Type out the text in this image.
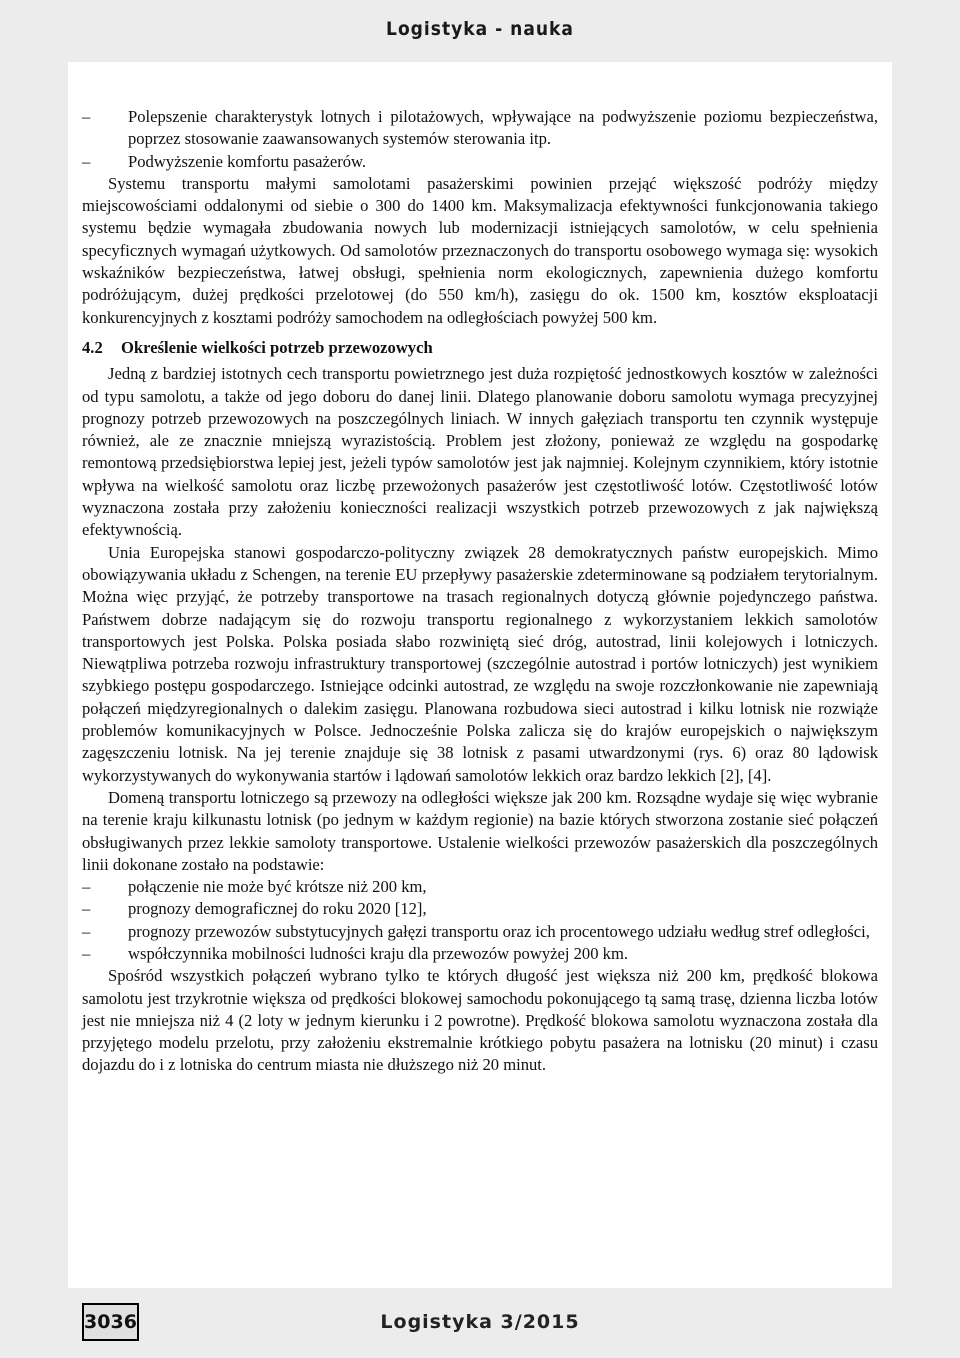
Logistyka - nauka
– Polepszenie charakterystyk lotnych i pilotażowych, wpływające na podwyższenie poziomu bezpieczeństwa, poprzez stosowanie zaawansowanych systemów sterowania itp.
– Podwyższenie komfortu pasażerów.

Systemu transportu małymi samolotami pasażerskimi powinien przejąć większość podróży między miejscowościami oddalonymi od siebie o 300 do 1400 km. Maksymalizacja efektywności funkcjonowania takiego systemu będzie wymagała zbudowania nowych lub modernizacji istniejących samolotów, w celu spełnienia specyficznych wymagań użytkowych. Od samolotów przeznaczonych do transportu osobowego wymaga się: wysokich wskaźników bezpieczeństwa, łatwej obsługi, spełnienia norm ekologicznych, zapewnienia dużego komfortu podróżującym, dużej prędkości przelotowej (do 550 km/h), zasięgu do ok. 1500 km, kosztów eksploatacji konkurencyjnych z kosztami podróży samochodem na odległościach powyżej 500 km.

4.2 Określenie wielkości potrzeb przewozowych

Jedną z bardziej istotnych cech transportu powietrznego jest duża rozpiętość jednostkowych kosztów w zależności od typu samolotu, a także od jego doboru do danej linii. Dlatego planowanie doboru samolotu wymaga precyzyjnej prognozy potrzeb przewozowych na poszczególnych liniach. W innych gałęziach transportu ten czynnik występuje również, ale ze znacznie mniejszą wyrazistością. Problem jest złożony, ponieważ ze względu na gospodarkę remontową przedsiębiorstwa lepiej jest, jeżeli typów samolotów jest jak najmniej. Kolejnym czynnikiem, który istotnie wpływa na wielkość samolotu oraz liczbę przewożonych pasażerów jest częstotliwość lotów. Częstotliwość lotów wyznaczona została przy założeniu konieczności realizacji wszystkich potrzeb przewozowych z jak największą efektywnością.

Unia Europejska stanowi gospodarczo-polityczny związek 28 demokratycznych państw europejskich. Mimo obowiązywania układu z Schengen, na terenie EU przepływy pasażerskie zdeterminowane są podziałem terytorialnym. Można więc przyjąć, że potrzeby transportowe na trasach regionalnych dotyczą głównie pojedynczego państwa. Państwem dobrze nadającym się do rozwoju transportu regionalnego z wykorzystaniem lekkich samolotów transportowych jest Polska. Polska posiada słabo rozwiniętą sieć dróg, autostrad, linii kolejowych i lotniczych. Niewątpliwa potrzeba rozwoju infrastruktury transportowej (szczególnie autostrad i portów lotniczych) jest wynikiem szybkiego postępu gospodarczego. Istniejące odcinki autostrad, ze względu na swoje rozczłonkowanie nie zapewniają połączeń międzyregionalnych o dalekim zasięgu. Planowana rozbudowa sieci autostrad i kilku lotnisk nie rozwiąże problemów komunikacyjnych w Polsce. Jednocześnie Polska zalicza się do krajów europejskich o największym zagęszczeniu lotnisk. Na jej terenie znajduje się 38 lotnisk z pasami utwardzonymi (rys. 6) oraz 80 lądowisk wykorzystywanych do wykonywania startów i lądowań samolotów lekkich oraz bardzo lekkich [2], [4].

Domeną transportu lotniczego są przewozy na odległości większe jak 200 km. Rozsądne wydaje się więc wybranie na terenie kraju kilkunastu lotnisk (po jednym w każdym regionie) na bazie których stworzona zostanie sieć połączeń obsługiwanych przez lekkie samoloty transportowe. Ustalenie wielkości przewozów pasażerskich dla poszczególnych linii dokonane zostało na podstawie:

– połączenie nie może być krótsze niż 200 km,
– prognozy demograficznej do roku 2020 [12],
– prognozy przewozów substytucyjnych gałęzi transportu oraz ich procentowego udziału według stref odległości,
– współczynnika mobilności ludności kraju dla przewozów powyżej 200 km.

Spośród wszystkich połączeń wybrano tylko te których długość jest większa niż 200 km, prędkość blokowa samolotu jest trzykrotnie większa od prędkości blokowej samochodu pokonującego tą samą trasę, dzienna liczba lotów jest nie mniejsza niż 4 (2 loty w jednym kierunku i 2 powrotne). Prędkość blokowa samolotu wyznaczona została dla przyjętego modelu przelotu, przy założeniu ekstremalnie krótkiego pobytu pasażera na lotnisku (20 minut) i czasu dojazdu do i z lotniska do centrum miasta nie dłuższego niż 20 minut.

3036	Logistyka 3/2015
